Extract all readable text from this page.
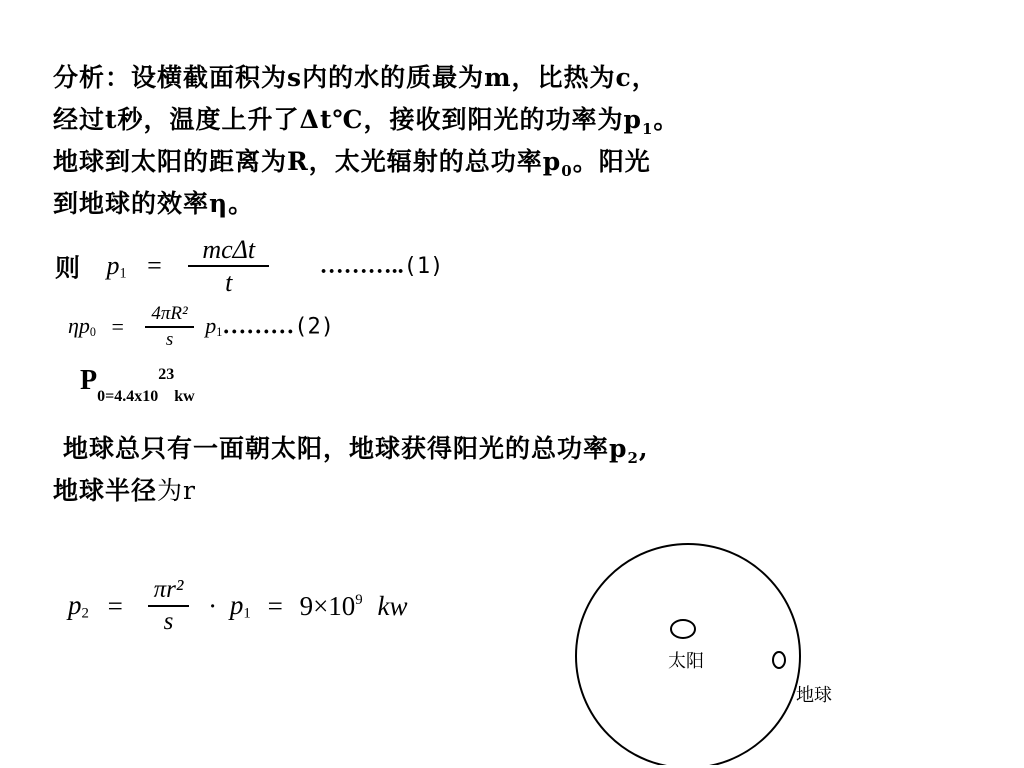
分析：设横截面积为s内的水的质最为m，比热为c，
经过t秒，温度上升了Δt℃，接收到阳光的功率为$p_1$。
地球到太阳的距离为R，太光辐射的总功率$p_0$。阳光
到地球的效率η。
则 $p1 = \frac{\text{mcΔt}}{t}$ ………..(1)
$\eta p0 = \frac{\text{4πR²}}{s}$ p1………(2)
P0=4.4x1023kw
地球总只有一面朝太阳，地球获得阳光的总功率$p_2$,
地球半径为r
$p2 = \frac{\text{πr²}}{s} \cdot p1 = 9\times 10^9$ kw
太阳
地球
